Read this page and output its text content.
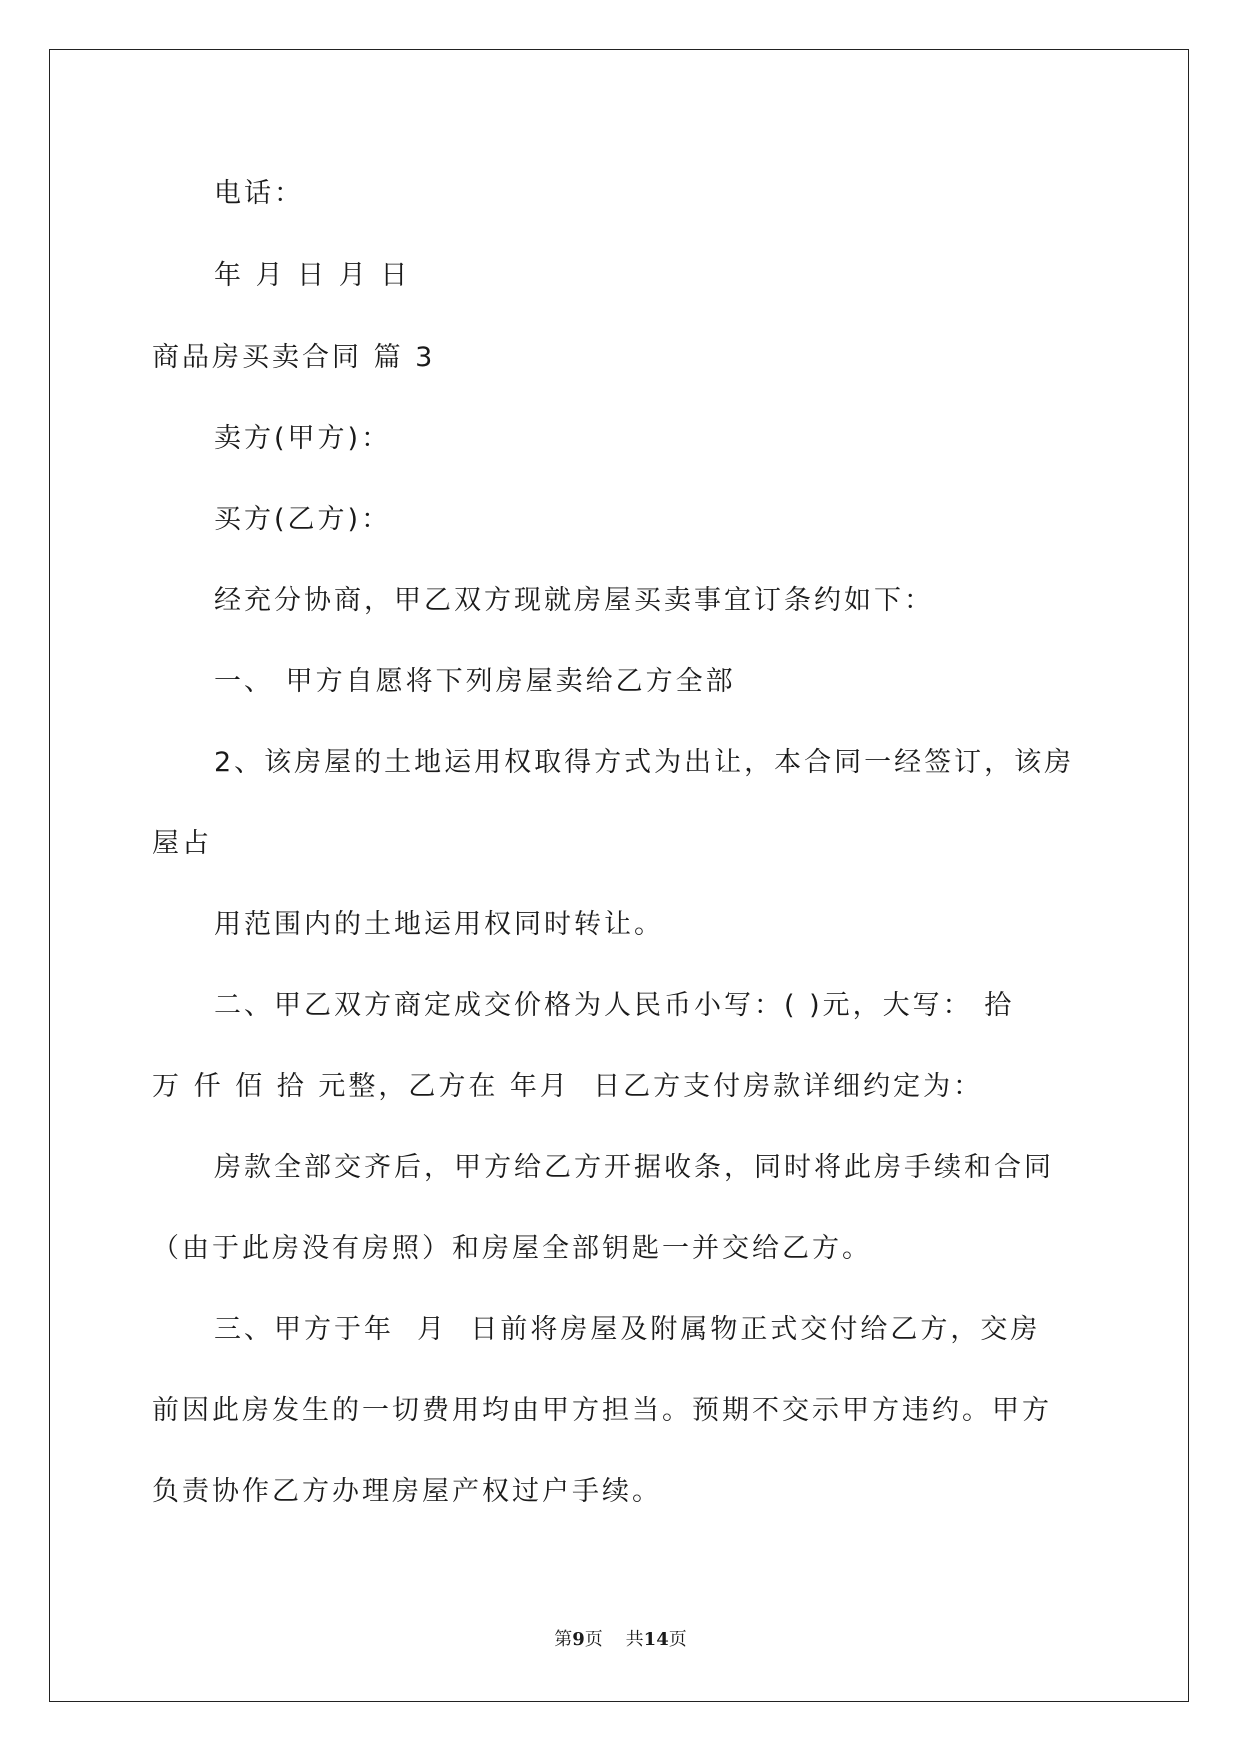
电话：
年 月 日 月 日
商品房买卖合同 篇 3
卖方(甲方)：
买方(乙方)：
经充分协商，甲乙双方现就房屋买卖事宜订条约如下：
一、 甲方自愿将下列房屋卖给乙方全部
2、该房屋的土地运用权取得方式为出让，本合同一经签订，该房
屋占
用范围内的土地运用权同时转让。
二、甲乙双方商定成交价格为人民币小写：( )元，大写： 拾
万 仟 佰 拾 元整，乙方在 年月  日乙方支付房款详细约定为：
房款全部交齐后，甲方给乙方开据收条，同时将此房手续和合同
（由于此房没有房照）和房屋全部钥匙一并交给乙方。
三、甲方于年  月  日前将房屋及附属物正式交付给乙方，交房
前因此房发生的一切费用均由甲方担当。预期不交示甲方违约。甲方
负责协作乙方办理房屋产权过户手续。
第9页 共14页
